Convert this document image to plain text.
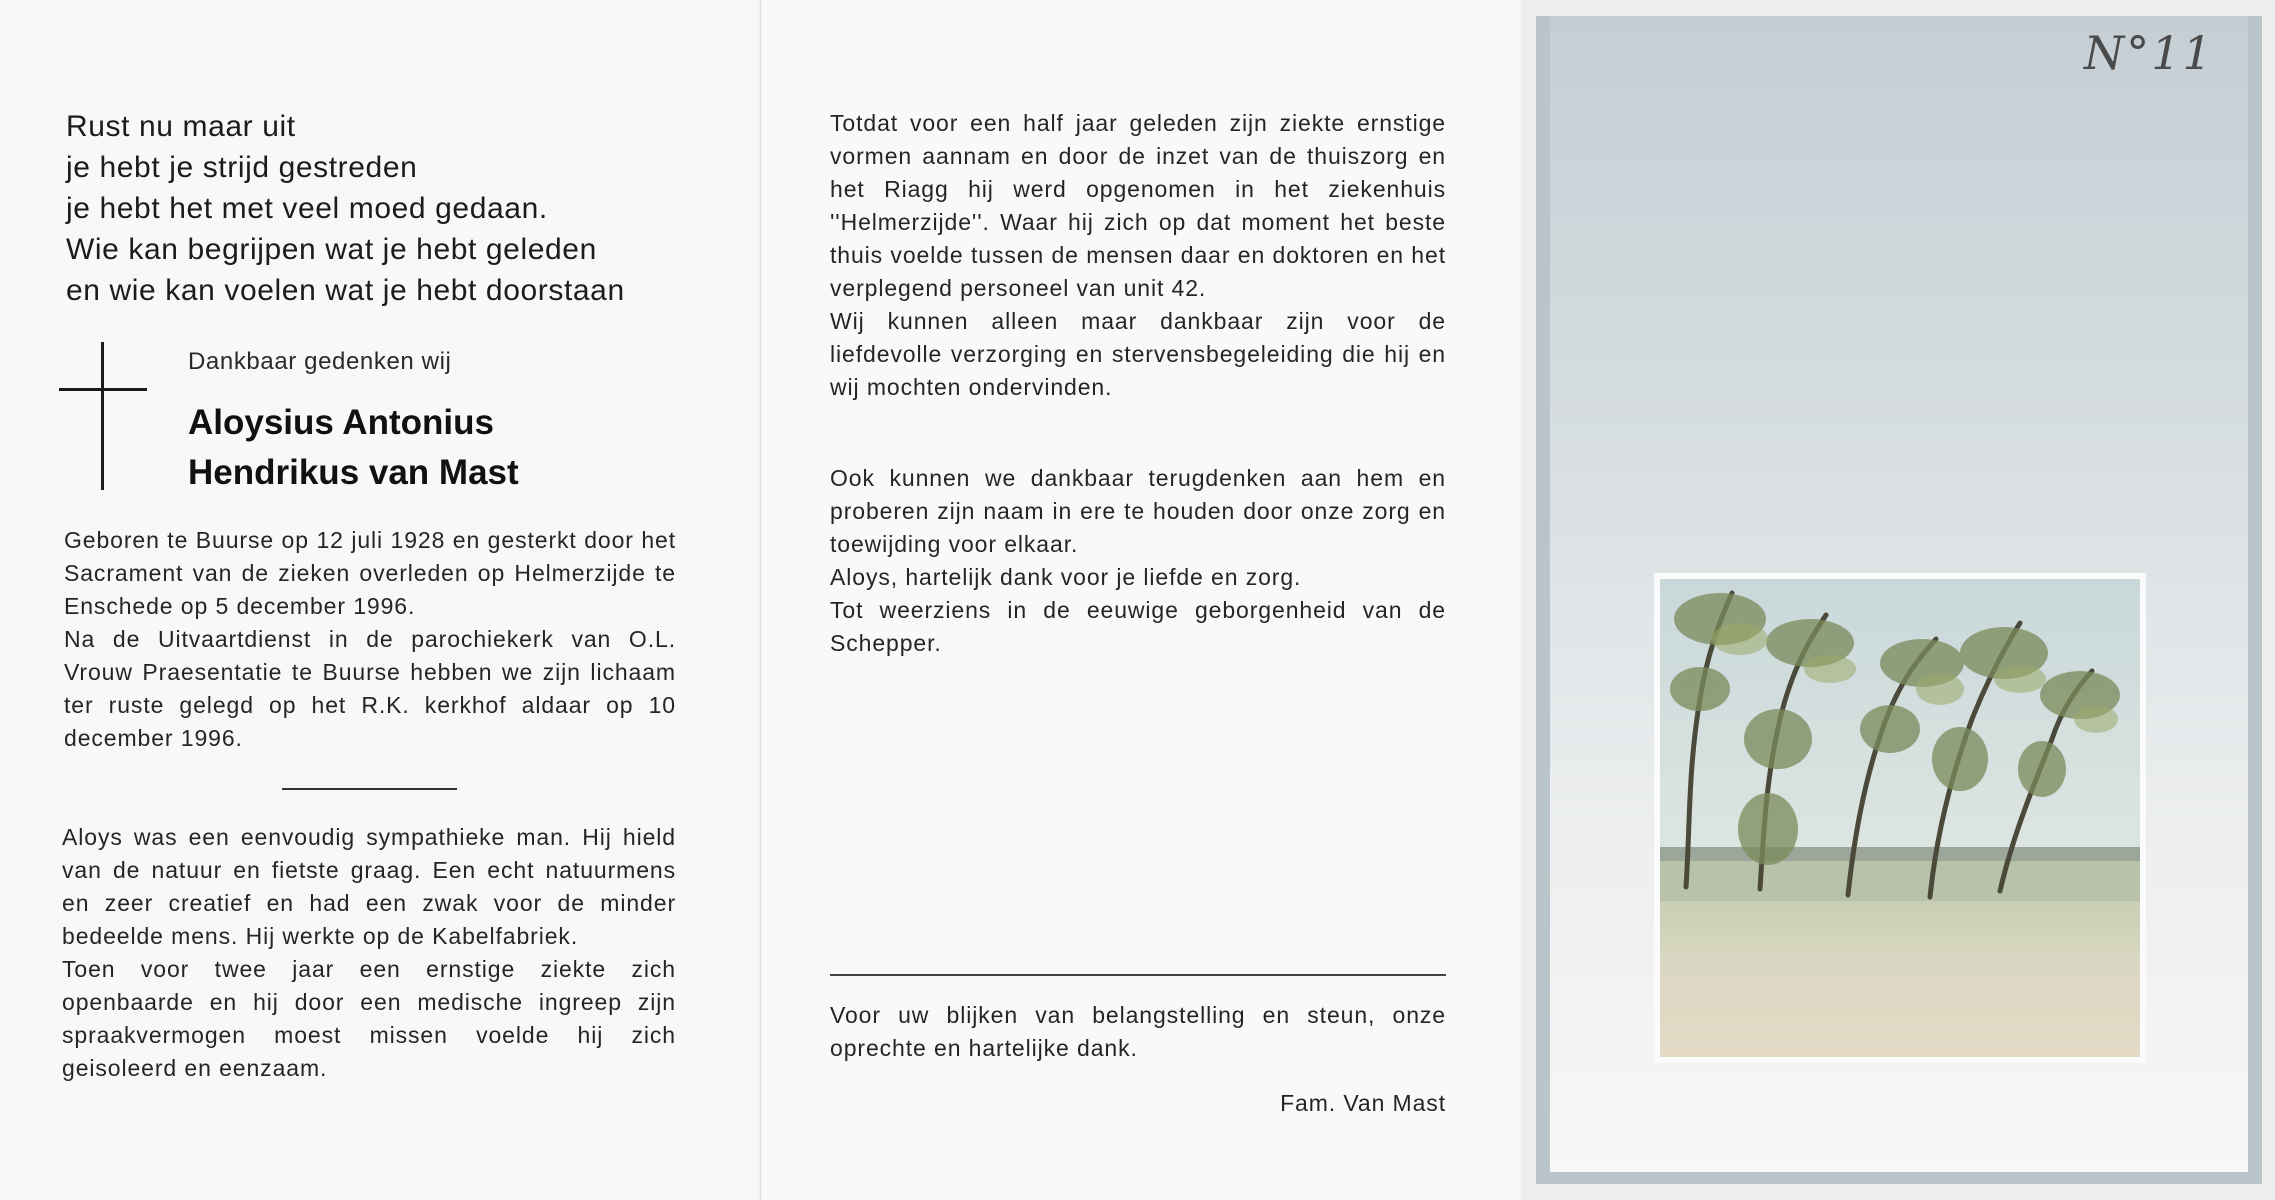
Rust nu maar uit
je hebt je strijd gestreden
je hebt het met veel moed gedaan.
Wie kan begrijpen wat je hebt geleden
en wie kan voelen wat je hebt doorstaan
Dankbaar gedenken wij
Aloysius Antonius
Hendrikus van Mast
Geboren te Buurse op 12 juli 1928 en gesterkt door het Sacrament van de zieken overleden op Helmerzijde te Enschede op 5 december 1996.
Na de Uitvaartdienst in de parochiekerk van O.L. Vrouw Praesentatie te Buurse hebben we zijn lichaam ter ruste gelegd op het R.K. kerkhof aldaar op 10 december 1996.
Aloys was een eenvoudig sympathieke man. Hij hield van de natuur en fietste graag. Een echt natuurmens en zeer creatief en had een zwak voor de minder bedeelde mens. Hij werkte op de Kabelfabriek.
Toen voor twee jaar een ernstige ziekte zich openbaarde en hij door een medische ingreep zijn spraakvermogen moest missen voelde hij zich geisoleerd en eenzaam.
Totdat voor een half jaar geleden zijn ziekte ernstige vormen aannam en door de inzet van de thuiszorg en het Riagg hij werd opgenomen in het ziekenhuis ''Helmerzijde''. Waar hij zich op dat moment het beste thuis voelde tussen de mensen daar en doktoren en het verplegend personeel van unit 42.
Wij kunnen alleen maar dankbaar zijn voor de liefdevolle verzorging en stervensbegeleiding die hij en wij mochten ondervinden.
Ook kunnen we dankbaar terugdenken aan hem en proberen zijn naam in ere te houden door onze zorg en toewijding voor elkaar.
Aloys, hartelijk dank voor je liefde en zorg.
Tot weerziens in de eeuwige geborgenheid van de Schepper.
Voor uw blijken van belangstelling en steun, onze oprechte en hartelijke dank.
Fam. Van Mast
N°11
